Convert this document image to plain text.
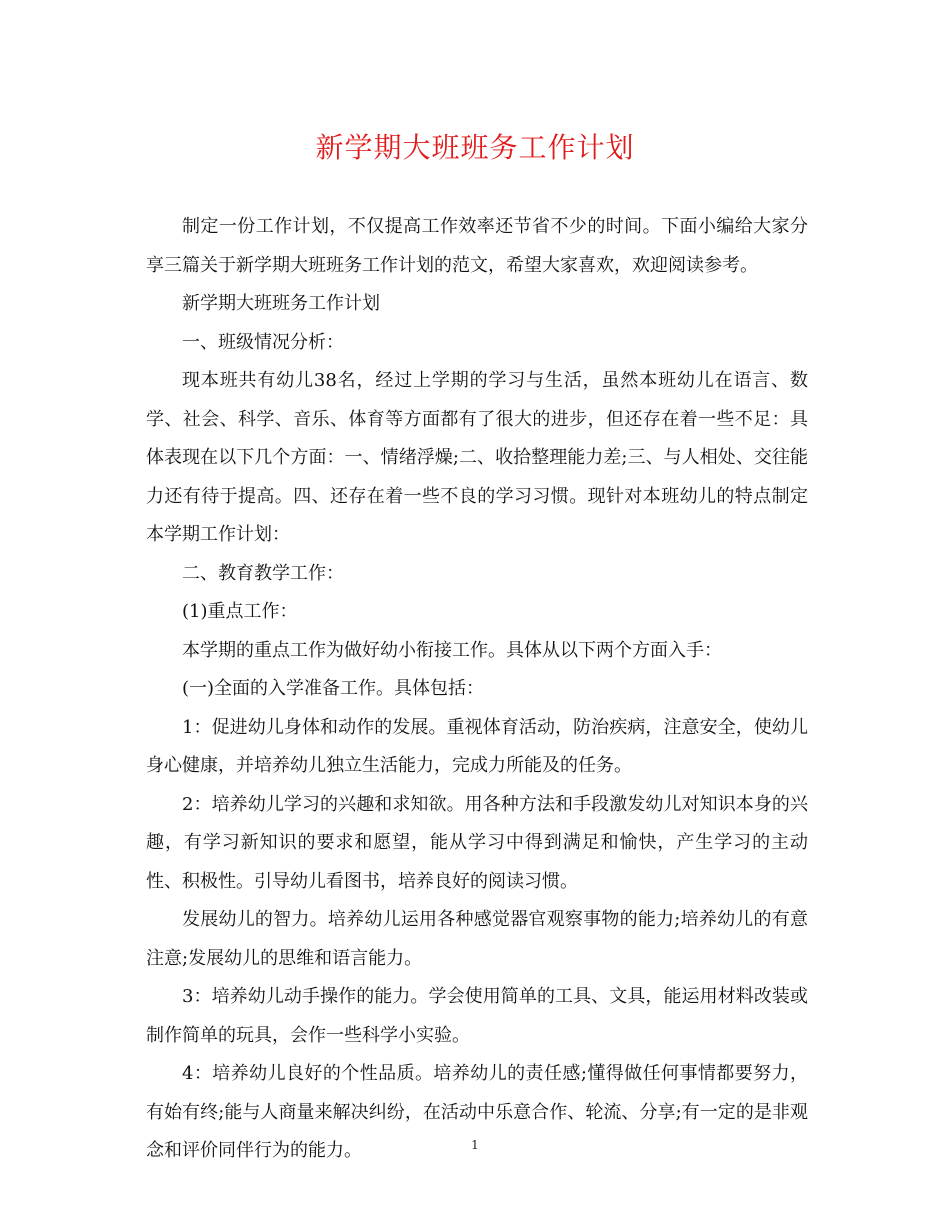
新学期大班班务工作计划

制定一份工作计划，不仅提高工作效率还节省不少的时间。下面小编给大家分享三篇关于新学期大班班务工作计划的范文，希望大家喜欢，欢迎阅读参考。

新学期大班班务工作计划

一、班级情况分析：

现本班共有幼儿38名，经过上学期的学习与生活，虽然本班幼儿在语言、数学、社会、科学、音乐、体育等方面都有了很大的进步，但还存在着一些不足：具体表现在以下几个方面：一、情绪浮燥;二、收拾整理能力差;三、与人相处、交往能力还有待于提高。四、还存在着一些不良的学习习惯。现针对本班幼儿的特点制定本学期工作计划：

二、教育教学工作：

(1)重点工作：

本学期的重点工作为做好幼小衔接工作。具体从以下两个方面入手：

(一)全面的入学准备工作。具体包括：

1：促进幼儿身体和动作的发展。重视体育活动，防治疾病，注意安全，使幼儿身心健康，并培养幼儿独立生活能力，完成力所能及的任务。

2：培养幼儿学习的兴趣和求知欲。用各种方法和手段激发幼儿对知识本身的兴趣，有学习新知识的要求和愿望，能从学习中得到满足和愉快，产生学习的主动性、积极性。引导幼儿看图书，培养良好的阅读习惯。

发展幼儿的智力。培养幼儿运用各种感觉器官观察事物的能力;培养幼儿的有意注意;发展幼儿的思维和语言能力。

3：培养幼儿动手操作的能力。学会使用简单的工具、文具，能运用材料改装或制作简单的玩具，会作一些科学小实验。

4：培养幼儿良好的个性品质。培养幼儿的责任感;懂得做任何事情都要努力，有始有终;能与人商量来解决纠纷，在活动中乐意合作、轮流、分享;有一定的是非观念和评价同伴行为的能力。	1
